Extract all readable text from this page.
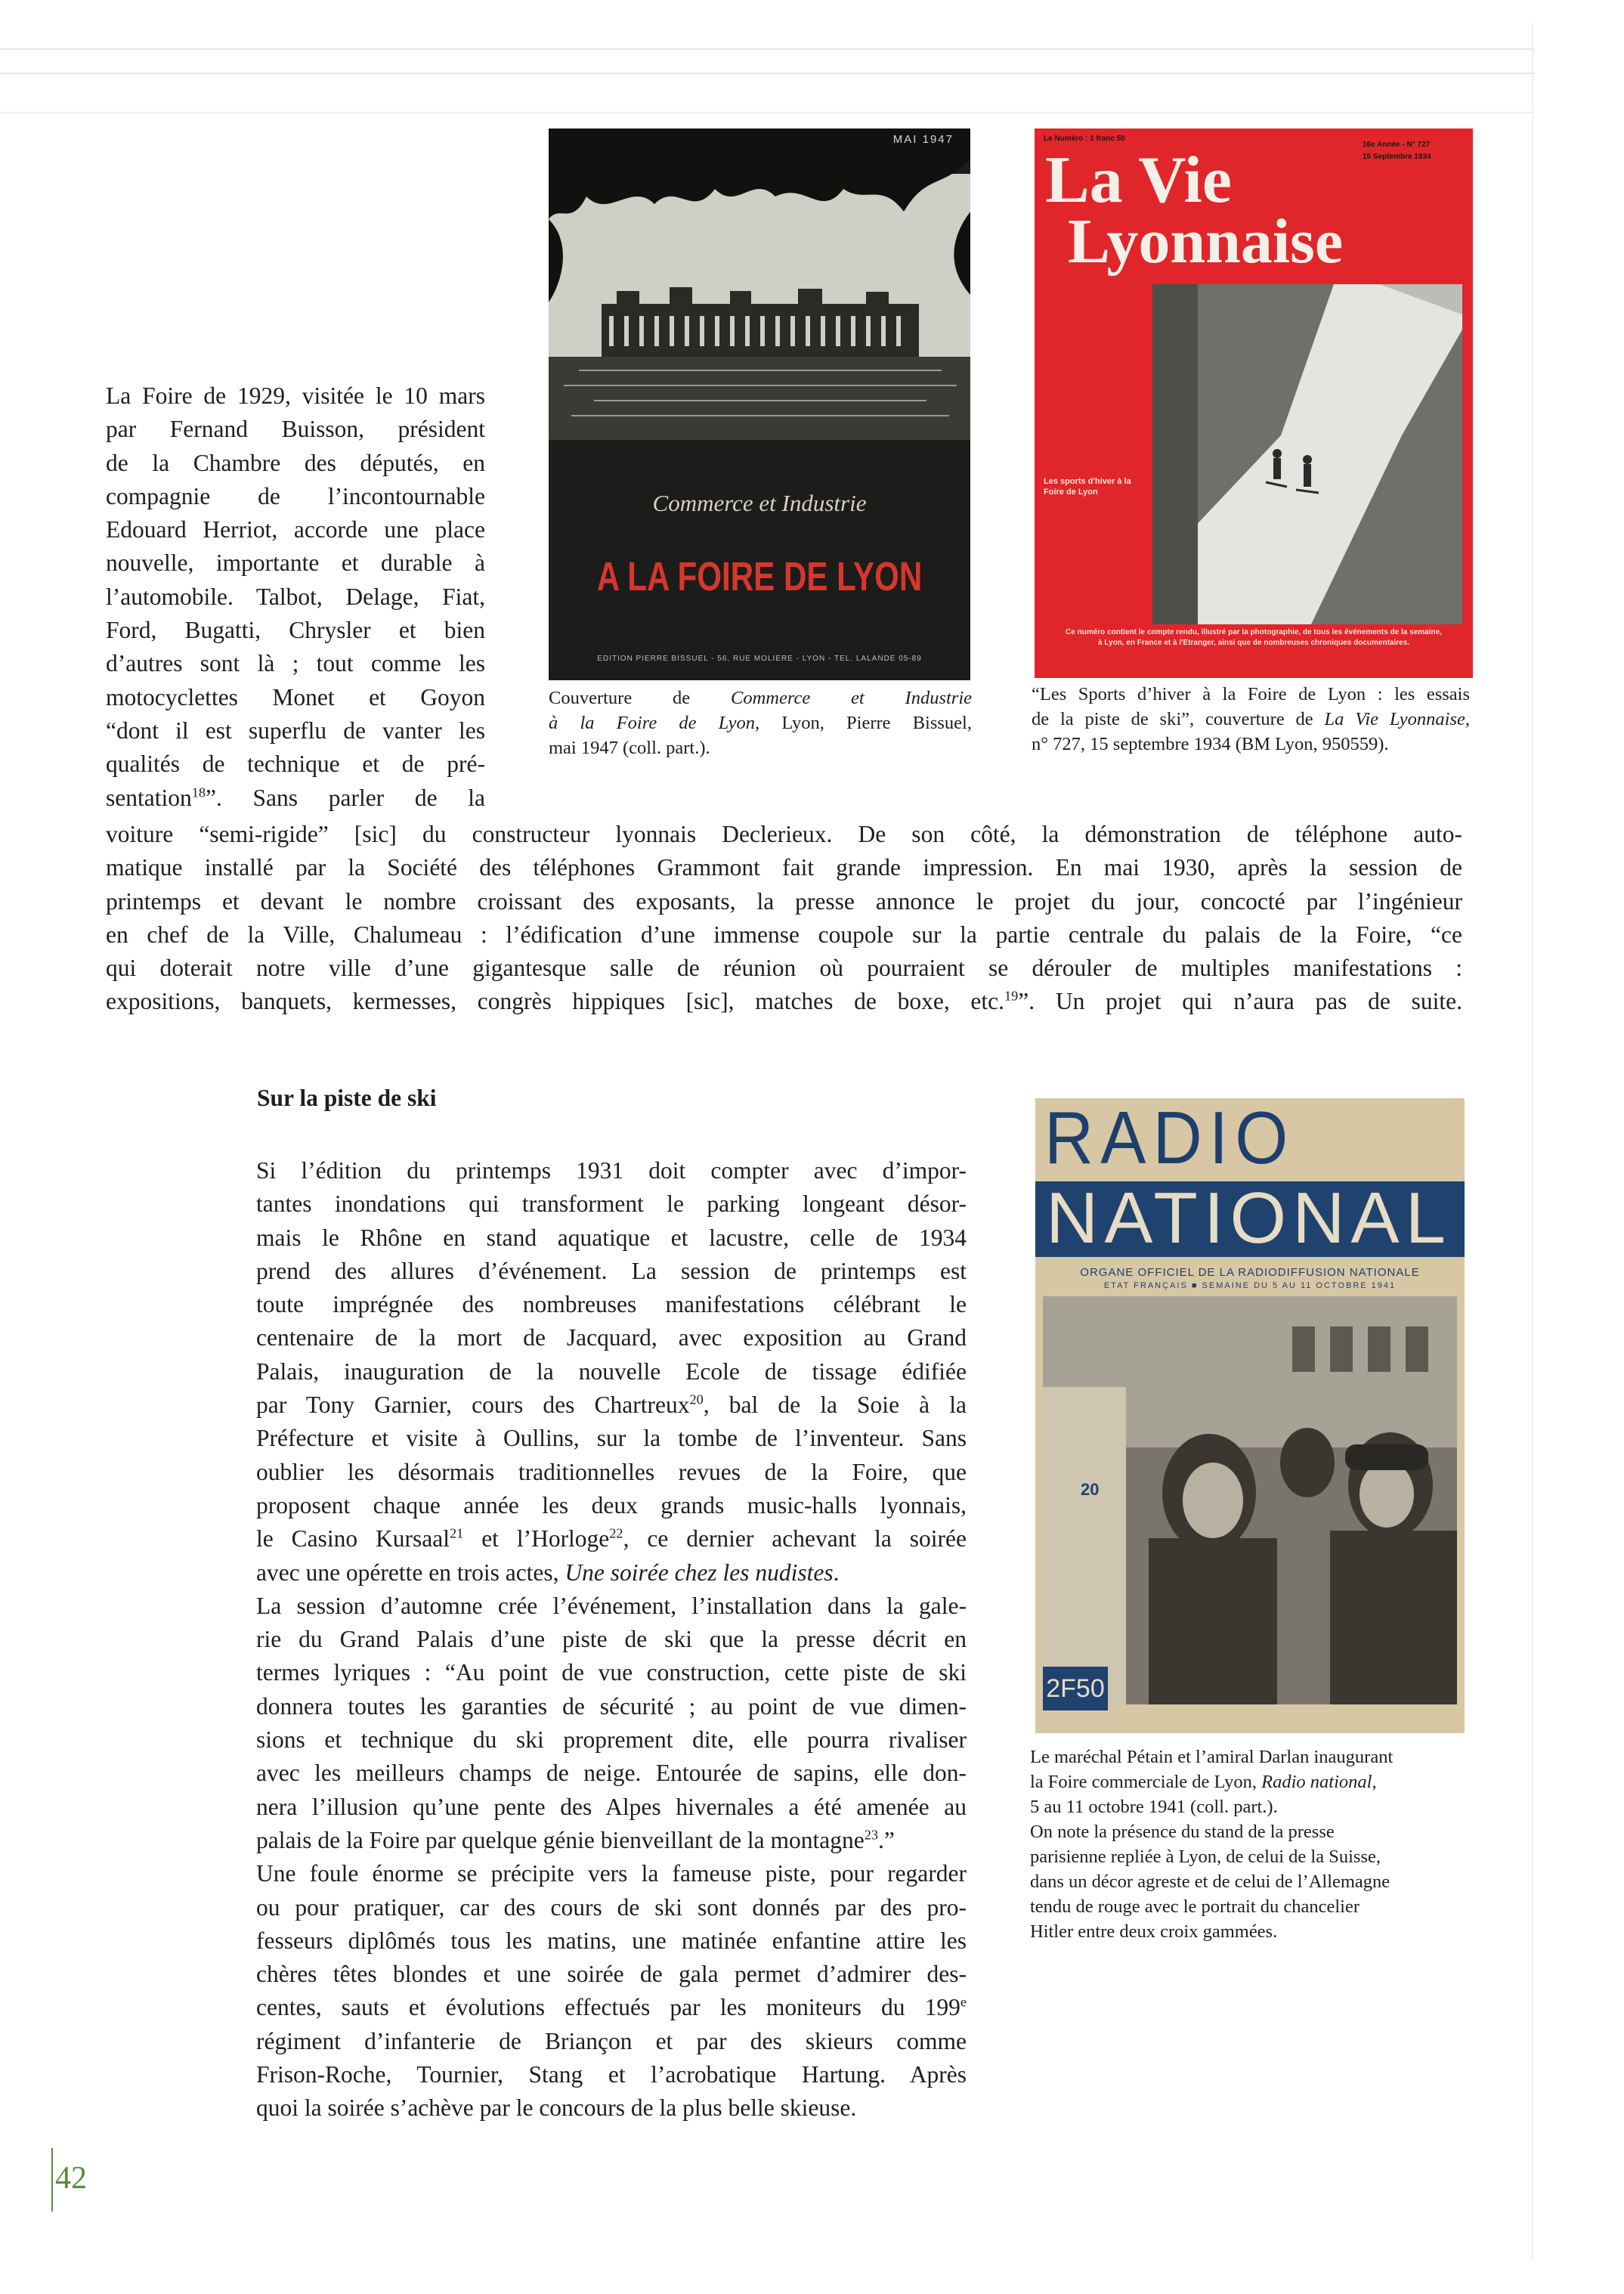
La Foire de 1929, visitée le 10 mars
par Fernand Buisson, président
de la Chambre des députés, en
compagnie de l’incontournable
Edouard Herriot, accorde une place
nouvelle, importante et durable à
l’automobile. Talbot, Delage, Fiat,
Ford, Bugatti, Chrysler et bien
d’autres sont là ; tout comme les
motocyclettes Monet et Goyon
“dont il est superflu de vanter les
qualités de technique et de pré-
sentation$^{18}$”. Sans parler de la
voiture “semi-rigide” [sic] du constructeur lyonnais Declerieux. De son côté, la démonstration de téléphone auto-
matique installé par la Société des téléphones Grammont fait grande impression. En mai 1930, après la session de
printemps et devant le nombre croissant des exposants, la presse annonce le projet du jour, concocté par l’ingénieur
en chef de la Ville, Chalumeau : l’édification d’une immense coupole sur la partie centrale du palais de la Foire, “ce
qui doterait notre ville d’une gigantesque salle de réunion où pourraient se dérouler de multiples manifestations :
expositions, banquets, kermesses, congrès hippiques [sic], matches de boxe, etc.$^{19}$”. Un projet qui n’aura pas de suite.
MAI 1947
Commerce et Industrie
A LA FOIRE DE LYON
EDITION PIERRE BISSUEL - 56, RUE MOLIERE - LYON - TEL. LALANDE 05-89
Le Numéro : 1 franc 50
16e Année - N° 727
15 Septembre 1934
La Vie
Lyonnaise
Les sports d'hiver à la Foire de Lyon
Ce numéro contient le compte rendu, illustré par la photographie, de tous les événements de la semaine, à Lyon, en France et à l'Etranger, ainsi que de nombreuses chroniques documentaires.
Couverture de Commerce et Industrie
à la Foire de Lyon, Lyon, Pierre Bissuel,
mai 1947 (coll. part.).
“Les Sports d’hiver à la Foire de Lyon : les essais
de la piste de ski”, couverture de La Vie Lyonnaise,
n° 727, 15 septembre 1934 (BM Lyon, 950559).
Sur la piste de ski
Si l’édition du printemps 1931 doit compter avec d’impor-
tantes inondations qui transforment le parking longeant désor-
mais le Rhône en stand aquatique et lacustre, celle de 1934
prend des allures d’événement. La session de printemps est
toute imprégnée des nombreuses manifestations célébrant le
centenaire de la mort de Jacquard, avec exposition au Grand
Palais, inauguration de la nouvelle Ecole de tissage édifiée
par Tony Garnier, cours des Chartreux$^{20}$, bal de la Soie à la
Préfecture et visite à Oullins, sur la tombe de l’inventeur. Sans
oublier les désormais traditionnelles revues de la Foire, que
proposent chaque année les deux grands music-halls lyonnais,
le Casino Kursaal$^{21}$ et l’Horloge$^{22}$, ce dernier achevant la soirée
avec une opérette en trois actes, Une soirée chez les nudistes.
La session d’automne crée l’événement, l’installation dans la gale-
rie du Grand Palais d’une piste de ski que la presse décrit en
termes lyriques : “Au point de vue construction, cette piste de ski
donnera toutes les garanties de sécurité ; au point de vue dimen-
sions et technique du ski proprement dite, elle pourra rivaliser
avec les meilleurs champs de neige. Entourée de sapins, elle don-
nera l’illusion qu’une pente des Alpes hivernales a été amenée au
palais de la Foire par quelque génie bienveillant de la montagne$^{23}$.”
Une foule énorme se précipite vers la fameuse piste, pour regarder
ou pour pratiquer, car des cours de ski sont donnés par des pro-
fesseurs diplômés tous les matins, une matinée enfantine attire les
chères têtes blondes et une soirée de gala permet d’admirer des-
centes, sauts et évolutions effectués par les moniteurs du 199e
régiment d’infanterie de Briançon et par des skieurs comme
Frison-Roche, Tournier, Stang et l’acrobatique Hartung. Après
quoi la soirée s’achève par le concours de la plus belle skieuse.
RADIO
NATIONAL
ORGANE OFFICIEL DE LA RADIODIFFUSION NATIONALE
ETAT FRANÇAIS ■ SEMAINE DU 5 AU 11 OCTOBRE 1941
20
2F50
Le maréchal Pétain et l’amiral Darlan inaugurant
la Foire commerciale de Lyon, Radio national,
5 au 11 octobre 1941 (coll. part.).
On note la présence du stand de la presse
parisienne repliée à Lyon, de celui de la Suisse,
dans un décor agreste et de celui de l’Allemagne
tendu de rouge avec le portrait du chancelier
Hitler entre deux croix gammées.
42
